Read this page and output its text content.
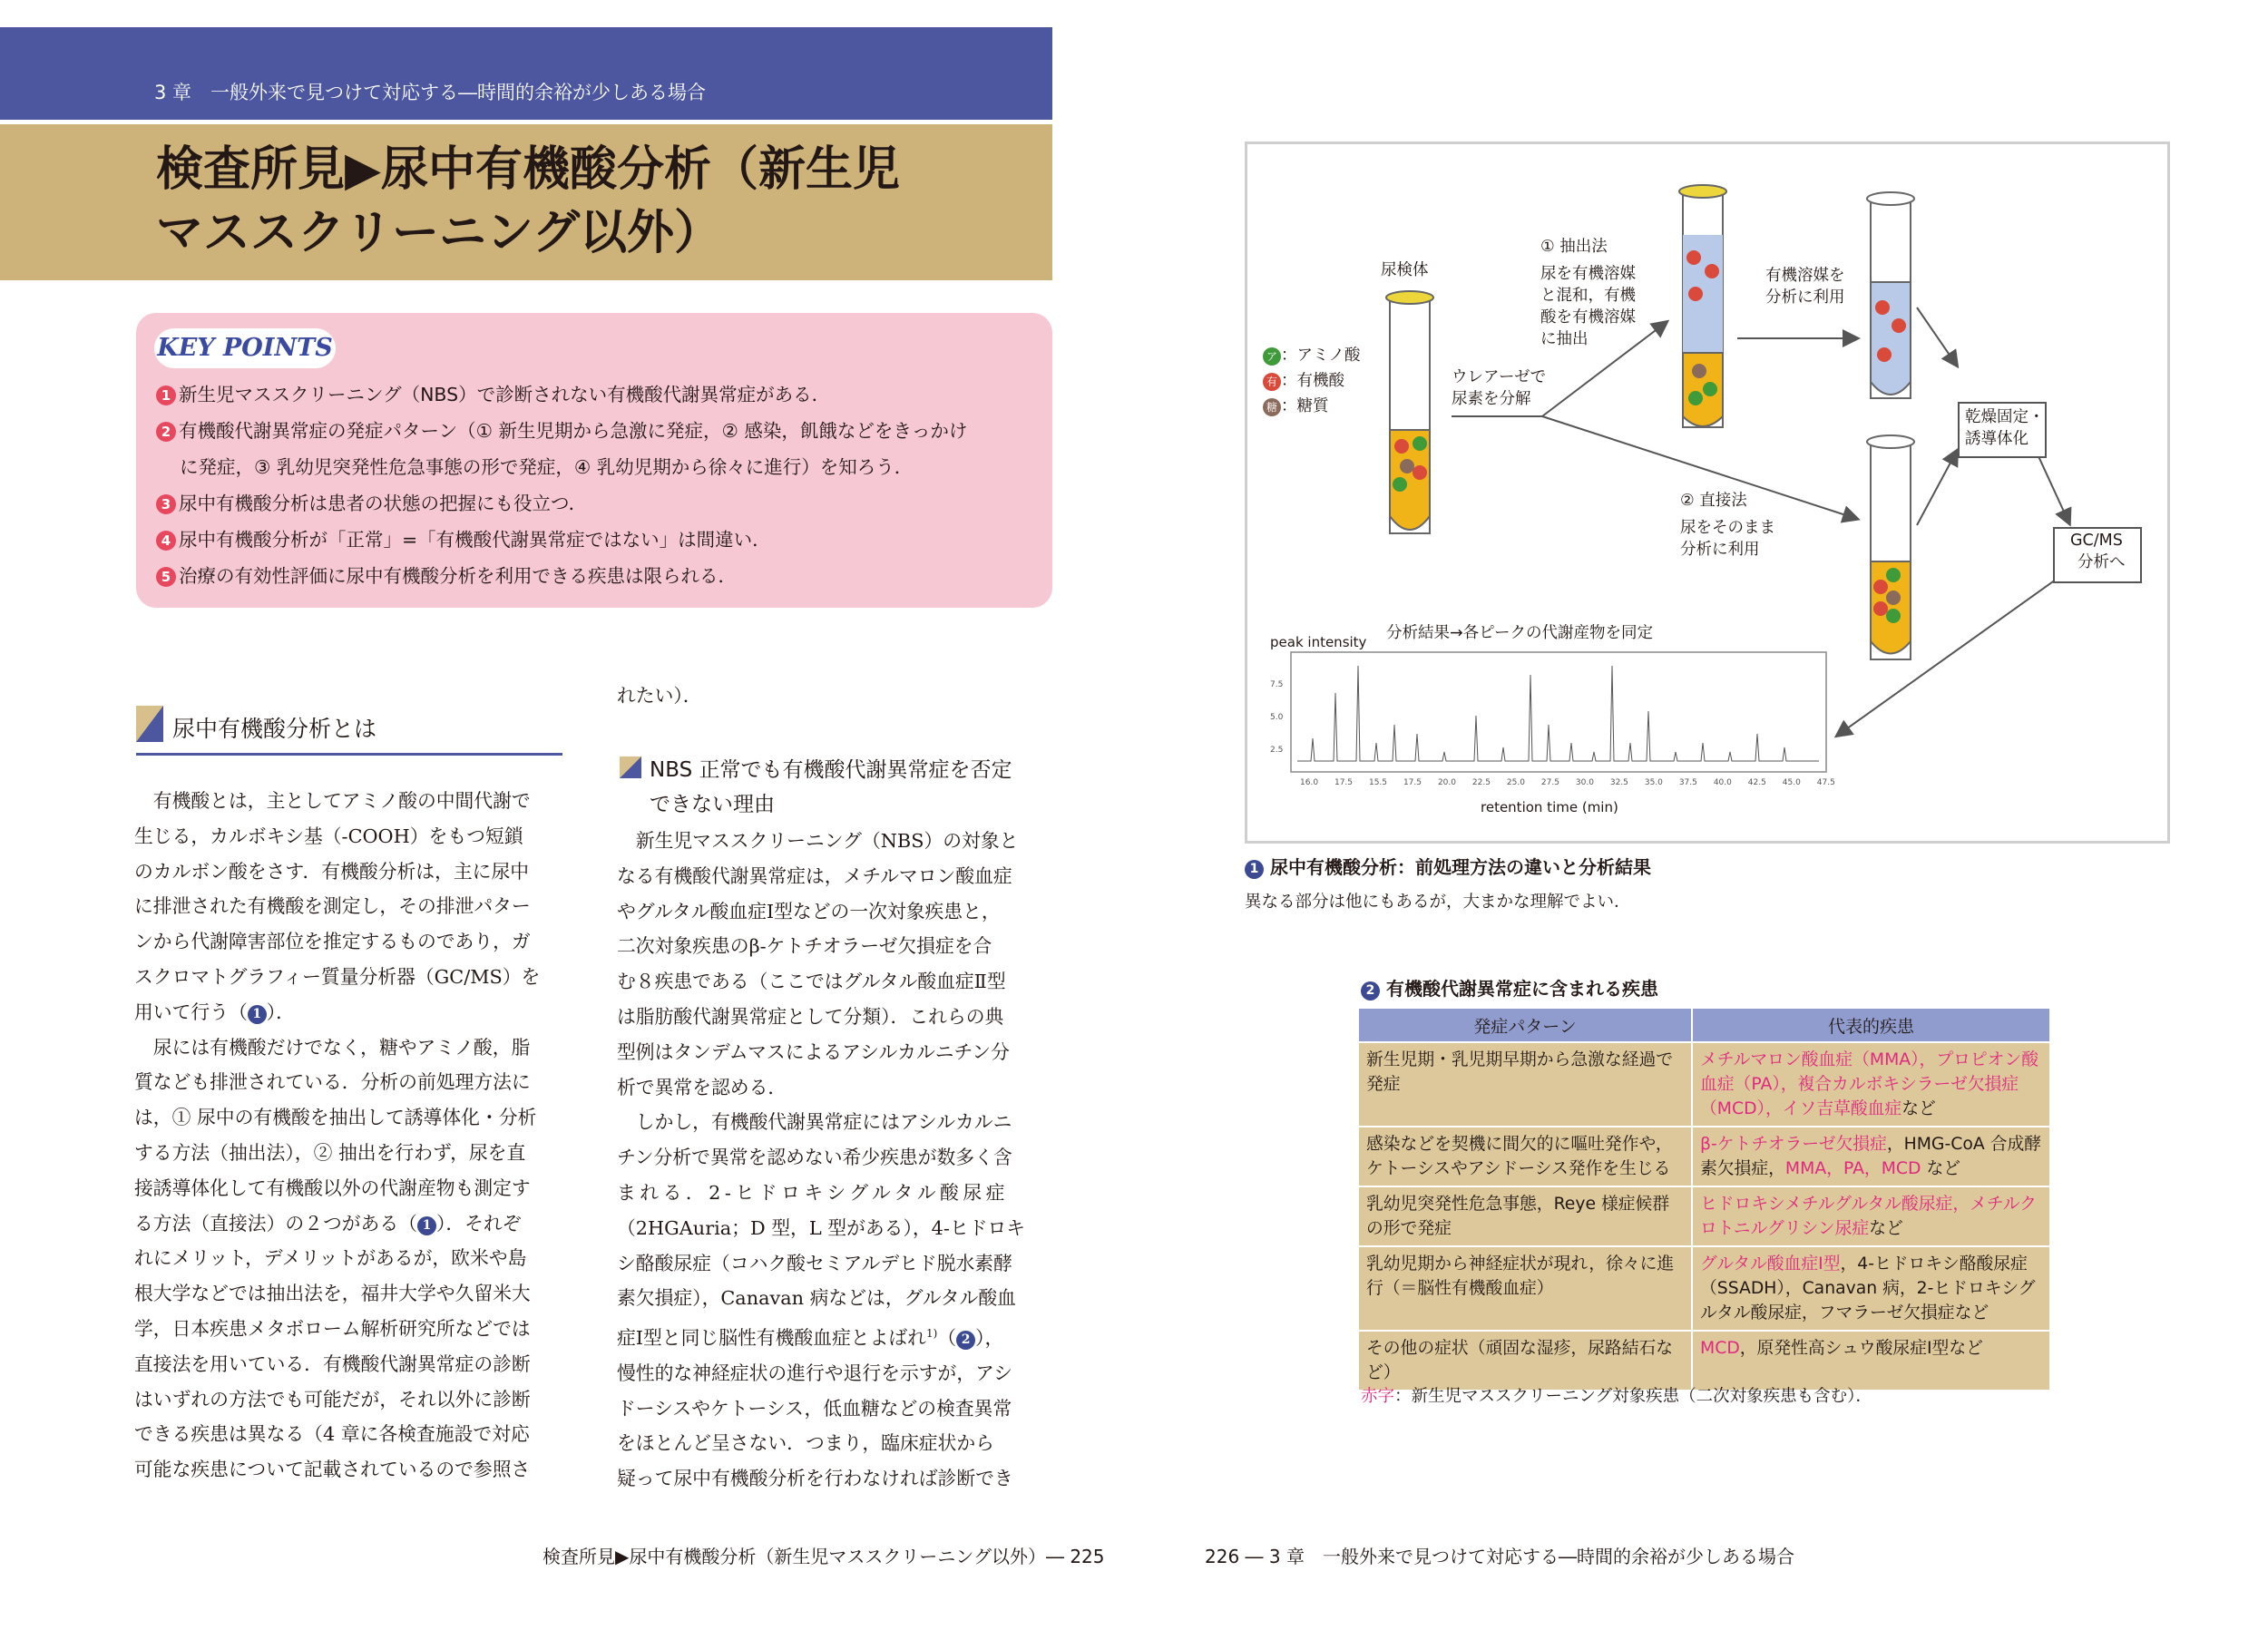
3 章　一般外来で見つけて対応する―時間的余裕が少しある場合
検査所見▶尿中有機酸分析（新生児
マススクリーニング以外）
KEY POINTS
1 新生児マススクリーニング（NBS）で診断されない有機酸代謝異常症がある．
2 有機酸代謝異常症の発症パターン（① 新生児期から急激に発症，② 感染，飢餓などをきっかけ
に発症，③ 乳幼児突発性危急事態の形で発症，④ 乳幼児期から徐々に進行）を知ろう．
3 尿中有機酸分析は患者の状態の把握にも役立つ．
4 尿中有機酸分析が「正常」=「有機酸代謝異常症ではない」は間違い．
5 治療の有効性評価に尿中有機酸分析を利用できる疾患は限られる．
尿中有機酸分析とは
　有機酸とは，主としてアミノ酸の中間代謝で
生じる，カルボキシ基（-COOH）をもつ短鎖
のカルボン酸をさす．有機酸分析は，主に尿中
に排泄された有機酸を測定し，その排泄パター
ンから代謝障害部位を推定するものであり，ガ
スクロマトグラフィー質量分析器（GC/MS）を
用いて行う（ 1 ）．
　尿には有機酸だけでなく，糖やアミノ酸，脂
質なども排泄されている．分析の前処理方法に
は，① 尿中の有機酸を抽出して誘導体化・分析
する方法（抽出法），② 抽出を行わず，尿を直
接誘導体化して有機酸以外の代謝産物も測定す
る方法（直接法）の２つがある（ 1 ）．それぞ
れにメリット，デメリットがあるが，欧米や島
根大学などでは抽出法を，福井大学や久留米大
学，日本疾患メタボローム解析研究所などでは
直接法を用いている．有機酸代謝異常症の診断
はいずれの方法でも可能だが，それ以外に診断
できる疾患は異なる（4 章に各検査施設で対応
可能な疾患について記載されているので参照さ
れたい）．
NBS 正常でも有機酸代謝異常症を否定
できない理由
　新生児マススクリーニング（NBS）の対象と
なる有機酸代謝異常症は，メチルマロン酸血症
やグルタル酸血症Ⅰ型などの一次対象疾患と，
二次対象疾患のβ-ケトチオラーゼ欠損症を合
む８疾患である（ここではグルタル酸血症Ⅱ型
は脂肪酸代謝異常症として分類）．これらの典
型例はタンデムマスによるアシルカルニチン分
析で異常を認める．
　しかし，有機酸代謝異常症にはアシルカルニ
チン分析で異常を認めない希少疾患が数多く含
まれる．2-ヒドロキシグルタル酸尿症
（2HGAuria；D 型，L 型がある），4-ヒドロキ
シ酪酸尿症（コハク酸セミアルデヒド脱水素酵
素欠損症），Canavan 病などは，グルタル酸血
症Ⅰ型と同じ脳性有機酸血症とよばれ$^{1)}$（ 2 ），
慢性的な神経症状の進行や退行を示すが，アシ
ドーシスやケトーシス，低血糖などの検査異常
をほとんど呈さない．つまり，臨床症状から
疑って尿中有機酸分析を行わなければ診断でき
検査所見▶尿中有機酸分析（新生児マススクリーニング以外）― 225
ア ：アミノ酸
有 ：有機酸
糖 ：糖質
尿検体
ウレアーゼで
尿素を分解
① 抽出法
尿を有機溶媒
と混和，有機
酸を有機溶媒
に抽出
有機溶媒を
分析に利用
乾燥固定・
誘導体化
② 直接法
尿をそのまま
分析に利用	GC/MS
分析へ
peak intensity 分析結果→各ピークの代謝産物を同定
retention time (min)
7.5
5.0
2.5
16.0 17.5 15.5 17.5 20.0 22.5 25.0 27.5 30.0 32.5 35.0 37.5 40.0 42.5 45.0 47.5
1 尿中有機酸分析：前処理方法の違いと分析結果
異なる部分は他にもあるが，大まかな理解でよい．
2 有機酸代謝異常症に含まれる疾患
発症パターン	代表的疾患
新生児期・乳児期早期から急激な経過で発症	メチルマロン酸血症（MMA），プロピオン酸血症（PA），複合カルボキシラーゼ欠損症（MCD），イソ吉草酸血症など
感染などを契機に間欠的に嘔吐発作や，ケトーシスやアシドーシス発作を生じる	β-ケトチオラーゼ欠損症，HMG-CoA 合成酵素欠損症，MMA，PA，MCD など
乳幼児突発性危急事態，Reye 様症候群の形で発症	ヒドロキシメチルグルタル酸尿症，メチルクロトニルグリシン尿症など
乳幼児期から神経症状が現れ，徐々に進行（＝脳性有機酸血症）	グルタル酸血症Ⅰ型，4-ヒドロキシ酪酸尿症（SSADH），Canavan 病，2-ヒドロキシグルタル酸尿症，フマラーゼ欠損症など
その他の症状（頑固な湿疹，尿路結石など）	MCD，原発性高シュウ酸尿症Ⅰ型など
赤字：新生児マススクリーニング対象疾患（二次対象疾患も含む）．
226 ― 3 章　一般外来で見つけて対応する―時間的余裕が少しある場合
